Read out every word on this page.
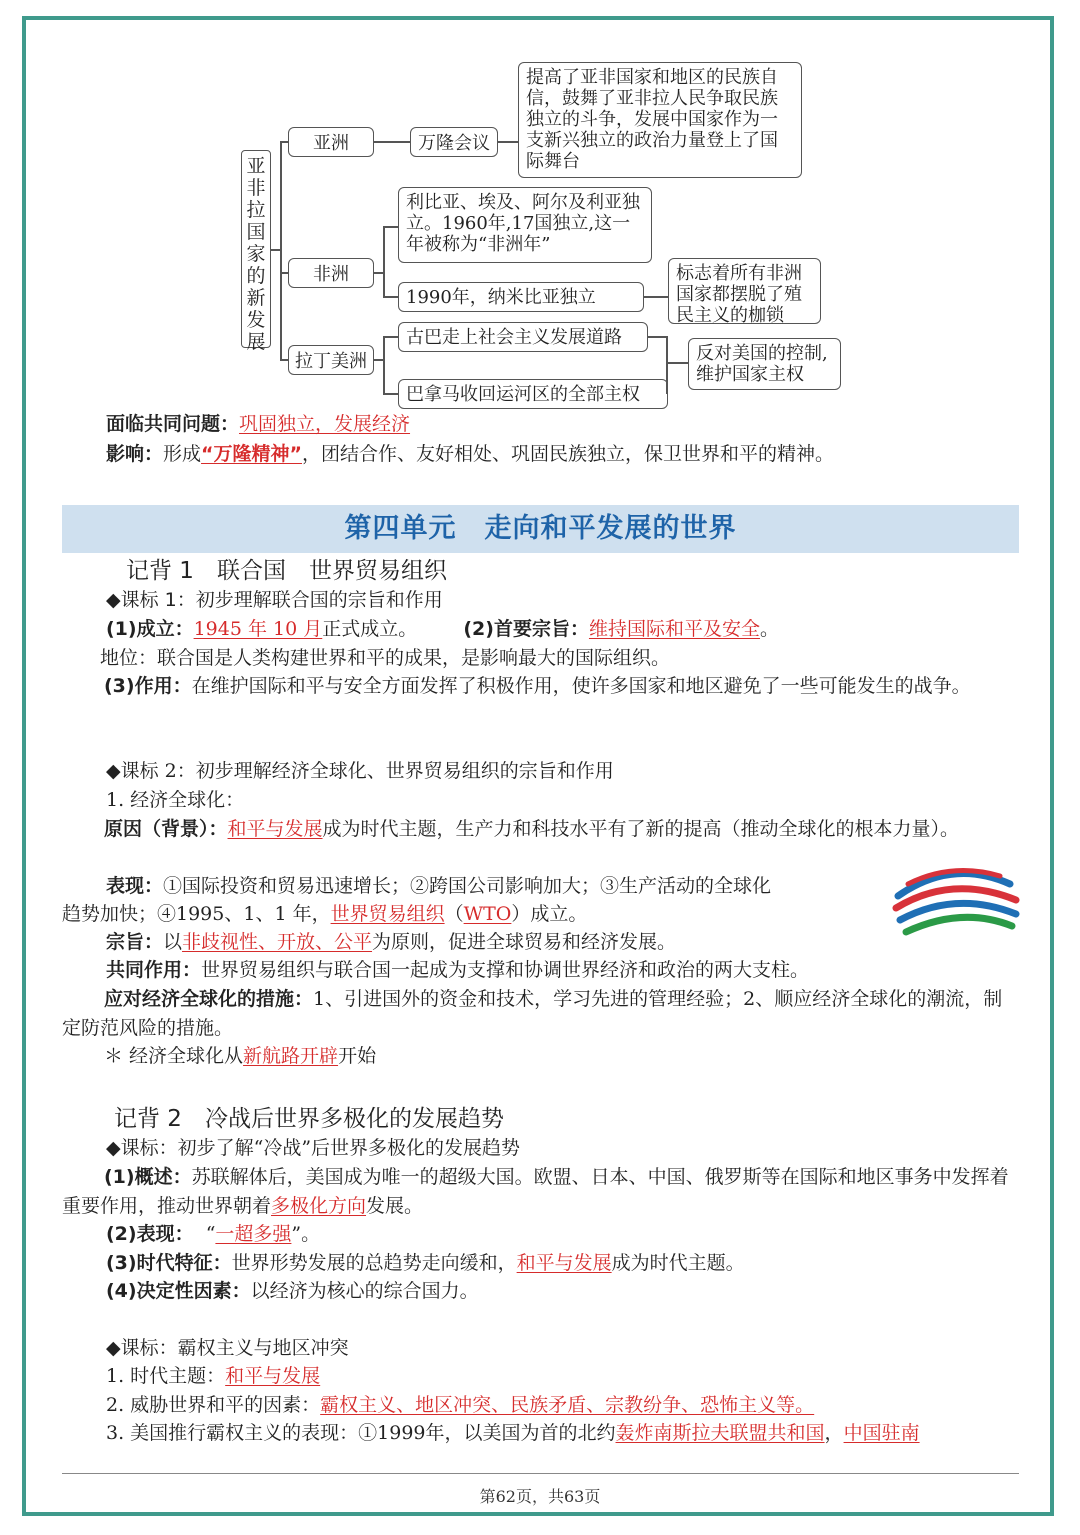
亚非拉国家的新发展
亚洲	万隆会议
提高了亚非国家和地区的民族自信，鼓舞了亚非拉人民争取民族独立的斗争，发展中国家作为一支新兴独立的政治力量登上了国际舞台
非洲
利比亚、埃及、阿尔及利亚独立。1960年,17国独立,这一年被称为“非洲年”
1990年，纳米比亚独立
标志着所有非洲国家都摆脱了殖民主义的枷锁
拉丁美洲
古巴走上社会主义发展道路
巴拿马收回运河区的全部主权
反对美国的控制,维护国家主权
面临共同问题：巩固独立，发展经济
影响：形成“万隆精神”，团结合作、友好相处、巩固民族独立，保卫世界和平的精神。
第四单元　走向和平发展的世界
记背 1　联合国　世界贸易组织
◆课标 1：初步理解联合国的宗旨和作用
(1)成立：1945 年 10 月正式成立。 (2)首要宗旨：维持国际和平及安全。
地位：联合国是人类构建世界和平的成果，是影响最大的国际组织。
(3)作用：在维护国际和平与安全方面发挥了积极作用，使许多国家和地区避免了一些可能发生的战争。
◆课标 2：初步理解经济全球化、世界贸易组织的宗旨和作用
1. 经济全球化：
原因（背景）：和平与发展成为时代主题，生产力和科技水平有了新的提高（推动全球化的根本力量）。
表现：①国际投资和贸易迅速增长；②跨国公司影响加大；③生产活动的全球化
趋势加快；④1995、1、1 年，世界贸易组织（WTO）成立。
宗旨：以非歧视性、开放、公平为原则，促进全球贸易和经济发展。
共同作用：世界贸易组织与联合国一起成为支撑和协调世界经济和政治的两大支柱。
应对经济全球化的措施：1、引进国外的资金和技术，学习先进的管理经验；2、顺应经济全球化的潮流，制定防范风险的措施。
＊ 经济全球化从新航路开辟开始
记背 2　冷战后世界多极化的发展趋势
◆课标：初步了解“冷战”后世界多极化的发展趋势
(1)概述：苏联解体后，美国成为唯一的超级大国。欧盟、日本、中国、俄罗斯等在国际和地区事务中发挥着重要作用，推动世界朝着多极化方向发展。
(2)表现： “一超多强”。
(3)时代特征：世界形势发展的总趋势走向缓和，和平与发展成为时代主题。
(4)决定性因素：以经济为核心的综合国力。
◆课标：霸权主义与地区冲突
1. 时代主题：和平与发展
2. 威胁世界和平的因素：霸权主义、地区冲突、民族矛盾、宗教纷争、恐怖主义等。
3. 美国推行霸权主义的表现：①1999年，以美国为首的北约轰炸南斯拉夫联盟共和国，中国驻南
第62页，共63页
